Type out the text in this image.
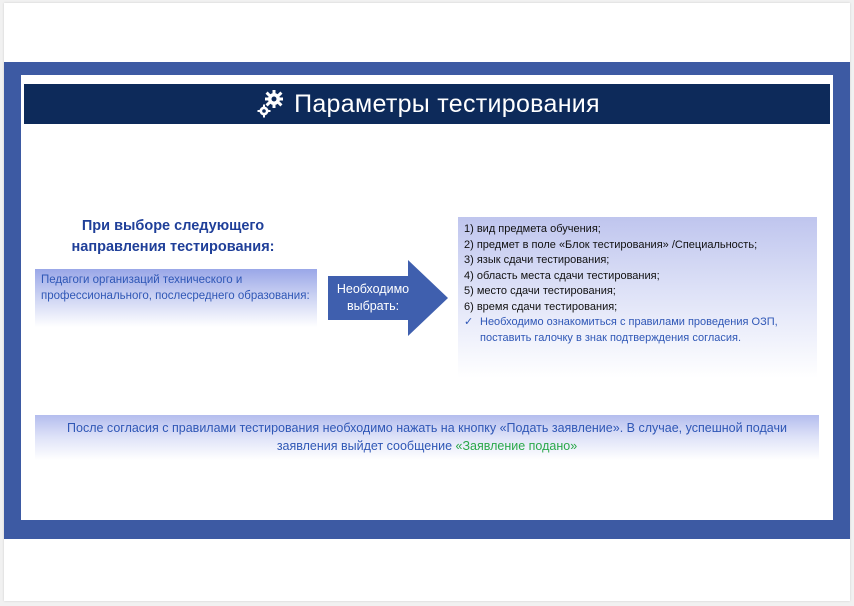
Параметры тестирования
При выборе следующего направления тестирования:
Педагоги организаций технического и профессионального, послесреднего образования:	Необходимо выбрать:
1) вид предмета обучения;
2) предмет в поле «Блок тестирования» /Специальность;
3) язык сдачи тестирования;
4) область места сдачи тестирования;
5) место сдачи тестирования;
6) время сдачи тестирования;
✓ Необходимо ознакомиться с правилами проведения ОЗП, поставить галочку в знак подтверждения согласия.
После согласия с правилами тестирования необходимо нажать на кнопку «Подать заявление». В случае, успешной подачи заявления выйдет сообщение «Заявление подано»
